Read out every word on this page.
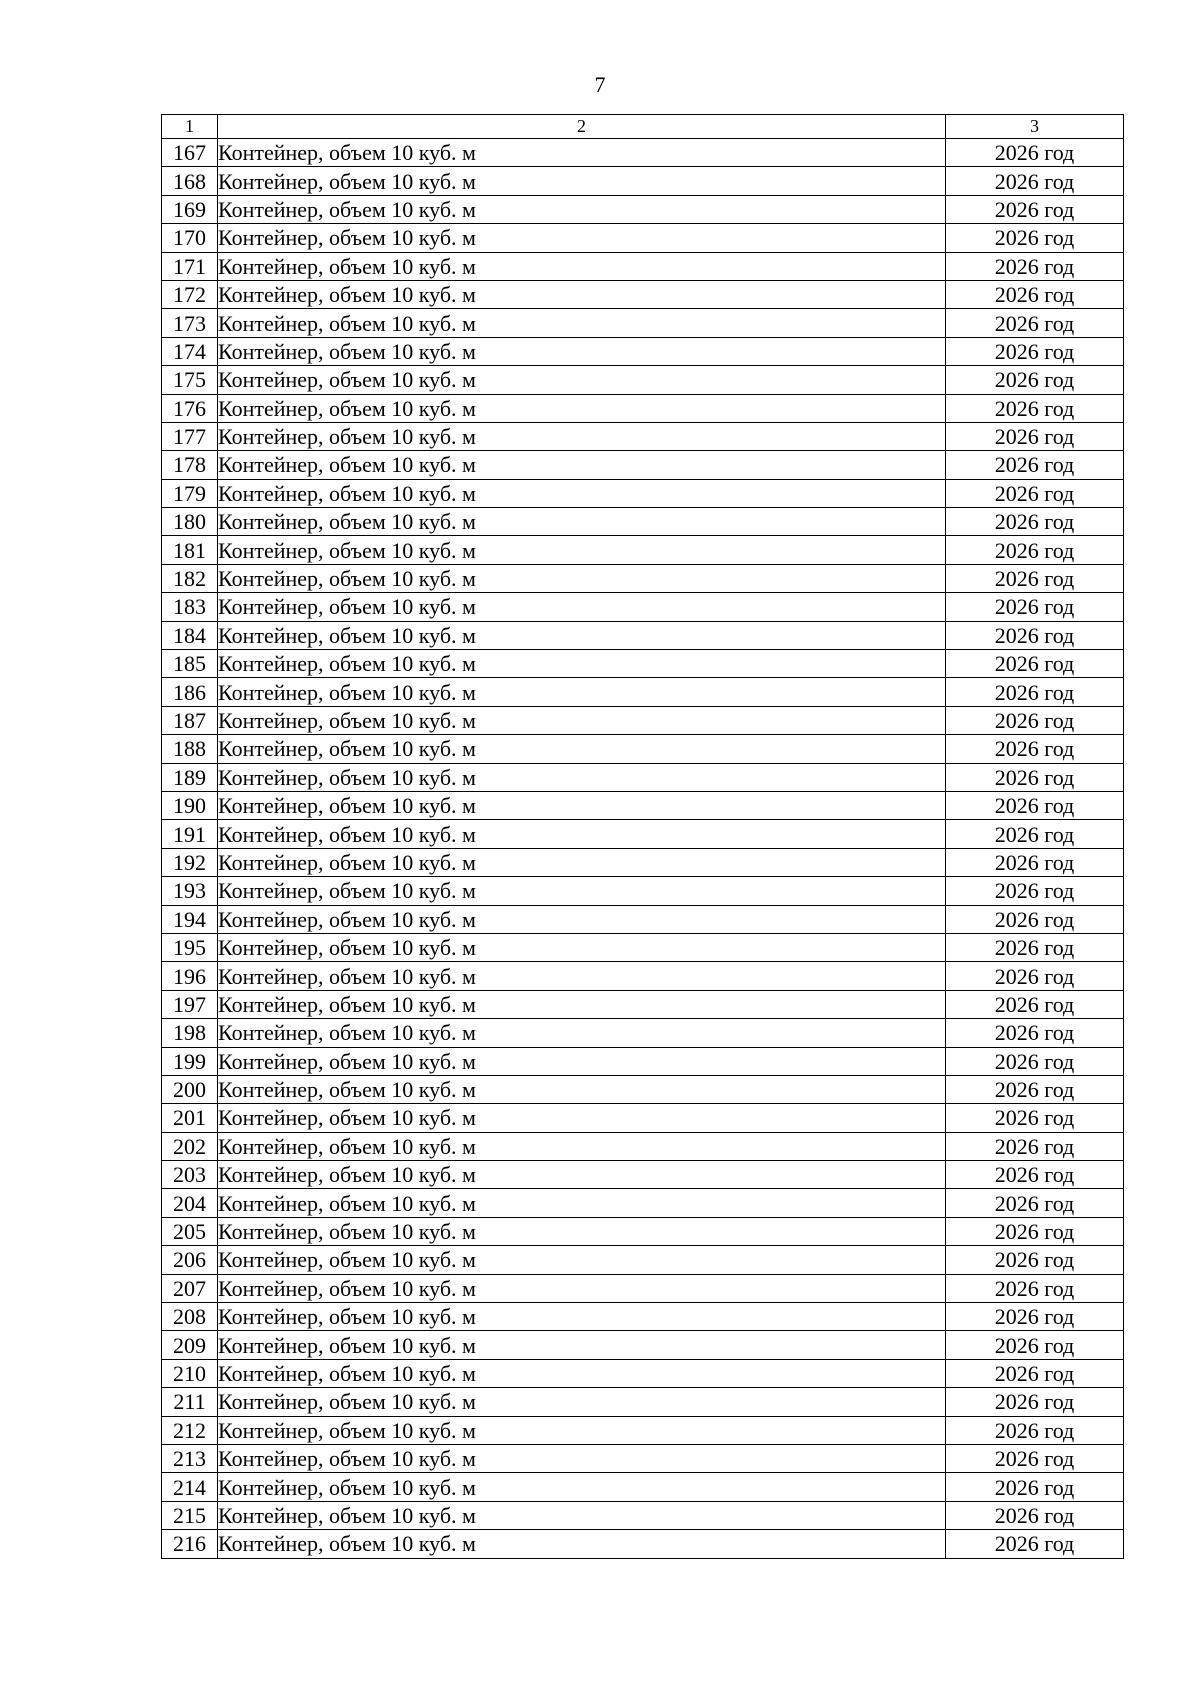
7
1	2	3
167	Контейнер, объем 10 куб. м	2026 год
168	Контейнер, объем 10 куб. м	2026 год
169	Контейнер, объем 10 куб. м	2026 год
170	Контейнер, объем 10 куб. м	2026 год
171	Контейнер, объем 10 куб. м	2026 год
172	Контейнер, объем 10 куб. м	2026 год
173	Контейнер, объем 10 куб. м	2026 год
174	Контейнер, объем 10 куб. м	2026 год
175	Контейнер, объем 10 куб. м	2026 год
176	Контейнер, объем 10 куб. м	2026 год
177	Контейнер, объем 10 куб. м	2026 год
178	Контейнер, объем 10 куб. м	2026 год
179	Контейнер, объем 10 куб. м	2026 год
180	Контейнер, объем 10 куб. м	2026 год
181	Контейнер, объем 10 куб. м	2026 год
182	Контейнер, объем 10 куб. м	2026 год
183	Контейнер, объем 10 куб. м	2026 год
184	Контейнер, объем 10 куб. м	2026 год
185	Контейнер, объем 10 куб. м	2026 год
186	Контейнер, объем 10 куб. м	2026 год
187	Контейнер, объем 10 куб. м	2026 год
188	Контейнер, объем 10 куб. м	2026 год
189	Контейнер, объем 10 куб. м	2026 год
190	Контейнер, объем 10 куб. м	2026 год
191	Контейнер, объем 10 куб. м	2026 год
192	Контейнер, объем 10 куб. м	2026 год
193	Контейнер, объем 10 куб. м	2026 год
194	Контейнер, объем 10 куб. м	2026 год
195	Контейнер, объем 10 куб. м	2026 год
196	Контейнер, объем 10 куб. м	2026 год
197	Контейнер, объем 10 куб. м	2026 год
198	Контейнер, объем 10 куб. м	2026 год
199	Контейнер, объем 10 куб. м	2026 год
200	Контейнер, объем 10 куб. м	2026 год
201	Контейнер, объем 10 куб. м	2026 год
202	Контейнер, объем 10 куб. м	2026 год
203	Контейнер, объем 10 куб. м	2026 год
204	Контейнер, объем 10 куб. м	2026 год
205	Контейнер, объем 10 куб. м	2026 год
206	Контейнер, объем 10 куб. м	2026 год
207	Контейнер, объем 10 куб. м	2026 год
208	Контейнер, объем 10 куб. м	2026 год
209	Контейнер, объем 10 куб. м	2026 год
210	Контейнер, объем 10 куб. м	2026 год
211	Контейнер, объем 10 куб. м	2026 год
212	Контейнер, объем 10 куб. м	2026 год
213	Контейнер, объем 10 куб. м	2026 год
214	Контейнер, объем 10 куб. м	2026 год
215	Контейнер, объем 10 куб. м	2026 год
216	Контейнер, объем 10 куб. м	2026 год
